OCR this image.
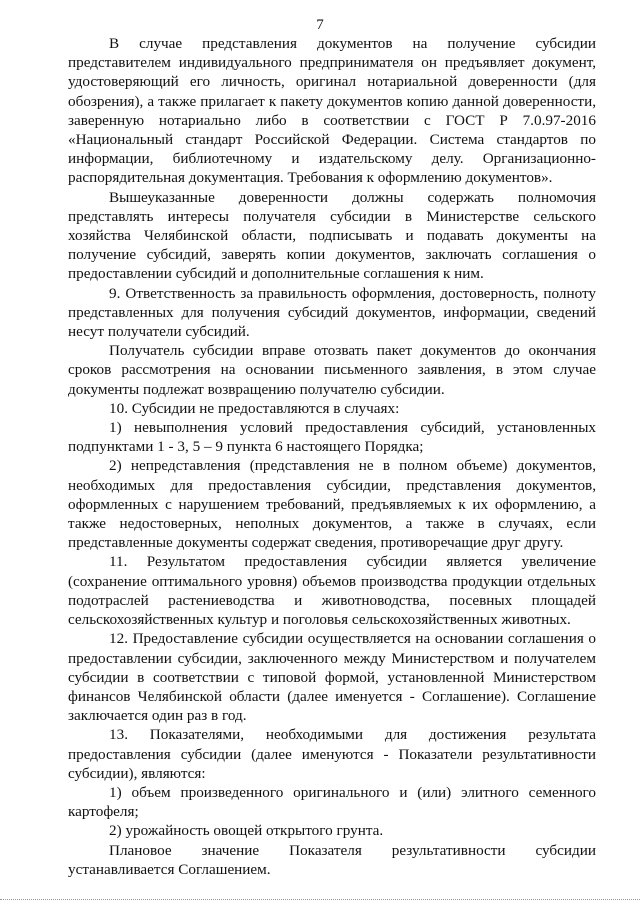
7

В случае представления документов на получение субсидии представителем индивидуального предпринимателя он предъявляет документ, удостоверяющий его личность, оригинал нотариальной доверенности (для обозрения), а также прилагает к пакету документов копию данной доверенности, заверенную нотариально либо в соответствии с ГОСТ Р 7.0.97-2016 «Национальный стандарт Российской Федерации. Система стандартов по информации, библиотечному и издательскому делу. Организационно-распорядительная документация. Требования к оформлению документов».

Вышеуказанные доверенности должны содержать полномочия представлять интересы получателя субсидии в Министерстве сельского хозяйства Челябинской области, подписывать и подавать документы на получение субсидий, заверять копии документов, заключать соглашения о предоставлении субсидий и дополнительные соглашения к ним.

9. Ответственность за правильность оформления, достоверность, полноту представленных для получения субсидий документов, информации, сведений несут получатели субсидий.

Получатель субсидии вправе отозвать пакет документов до окончания сроков рассмотрения на основании письменного заявления, в этом случае документы подлежат возвращению получателю субсидии.

10. Субсидии не предоставляются в случаях:

1) невыполнения условий предоставления субсидий, установленных подпунктами 1 - 3, 5 – 9 пункта 6 настоящего Порядка;

2) непредставления (представления не в полном объеме) документов, необходимых для предоставления субсидии, представления документов, оформленных с нарушением требований, предъявляемых к их оформлению, а также недостоверных, неполных документов, а также в случаях, если представленные документы содержат сведения, противоречащие друг другу.

11. Результатом предоставления субсидии является увеличение (сохранение оптимального уровня) объемов производства продукции отдельных подотраслей растениеводства и животноводства, посевных площадей сельскохозяйственных культур и поголовья сельскохозяйственных животных.

12. Предоставление субсидии осуществляется на основании соглашения о предоставлении субсидии, заключенного между Министерством и получателем субсидии в соответствии с типовой формой, установленной Министерством финансов Челябинской области (далее именуется - Соглашение). Соглашение заключается один раз в год.

13. Показателями, необходимыми для достижения результата предоставления субсидии (далее именуются - Показатели результативности субсидии), являются:

1) объем произведенного оригинального и (или) элитного семенного картофеля;

2) урожайность овощей открытого грунта.

Плановое значение Показателя результативности субсидии устанавливается Соглашением.
